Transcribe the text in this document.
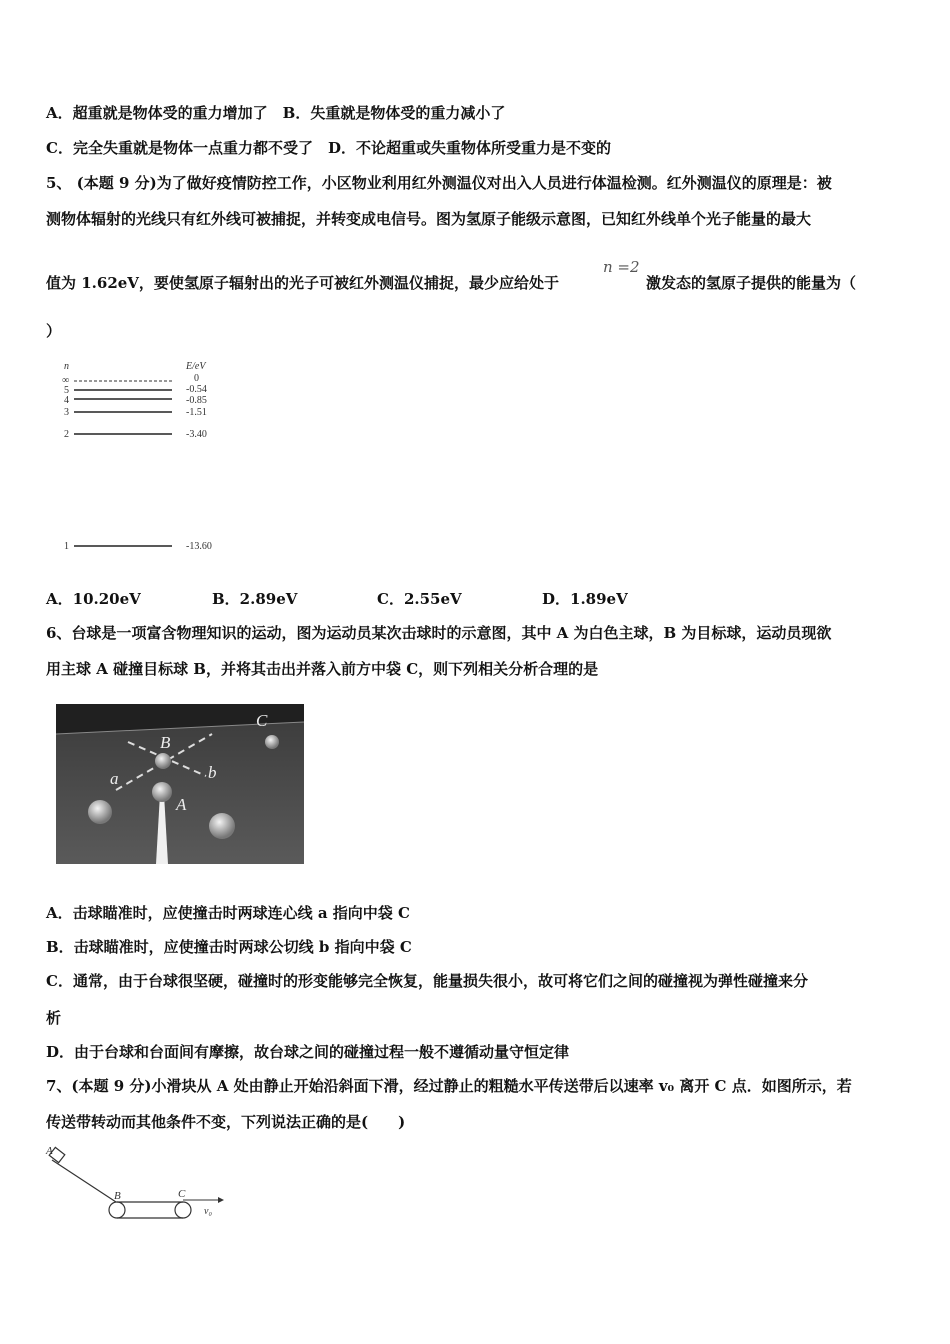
A．超重就是物体受的重力增加了　B．失重就是物体受的重力减小了
C．完全失重就是物体一点重力都不受了　D．不论超重或失重物体所受重力是不变的
5、 (本题 9 分)为了做好疫情防控工作，小区物业利用红外测温仪对出入人员进行体温检测。红外测温仪的原理是：被
测物体辐射的光线只有红外线可被捕捉，并转变成电信号。图为氢原子能级示意图，已知红外线单个光子能量的最大
值为 1.62eV，要使氢原子辐射出的光子可被红外测温仪捕捉，最少应给处于
n =2
激发态的氢原子提供的能量为（
）
n	E/eV
∞	0
5	-0.54
4	-0.85
3	-1.51
2	-3.40
1	-13.60
A．10.20eV	B．2.89eV	C．2.55eV	D．1.89eV
6、台球是一项富含物理知识的运动，图为运动员某次击球时的示意图，其中 A 为白色主球，B 为目标球，运动员现欲
用主球 A 碰撞目标球 B，并将其击出并落入前方中袋 C，则下列相关分析合理的是
B
A
a	b
C
A．击球瞄准时，应使撞击时两球连心线 a 指向中袋 C
B．击球瞄准时，应使撞击时两球公切线 b 指向中袋 C
C．通常，由于台球很坚硬，碰撞时的形变能够完全恢复，能量损失很小，故可将它们之间的碰撞视为弹性碰撞来分
析
D．由于台球和台面间有摩擦，故台球之间的碰撞过程一般不遵循动量守恒定律
7、(本题 9 分)小滑块从 A 处由静止开始沿斜面下滑，经过静止的粗糙水平传送带后以速率 v₀ 离开 C 点．如图所示，若
传送带转动而其他条件不变，下列说法正确的是(　　)
A
B	C
v₀
